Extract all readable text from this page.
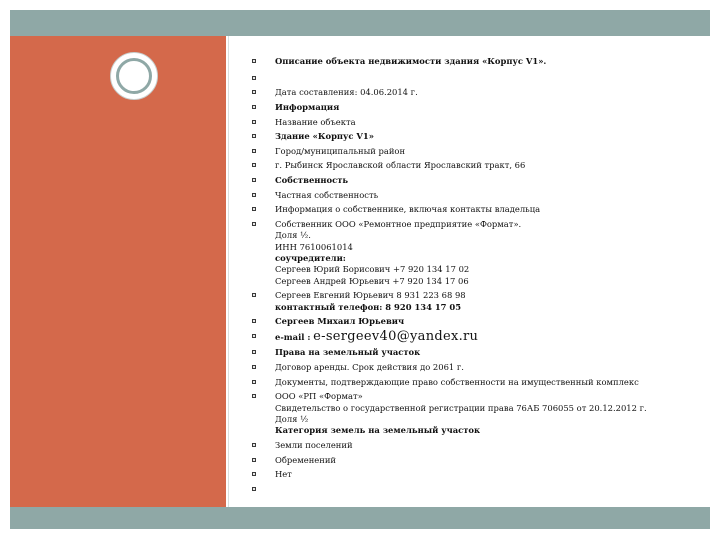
Описание объекта недвижимости здания «Корпус V1».
Дата составления: 04.06.2014 г.
Информация
Название объекта
Здание «Корпус V1»
Город/муниципальный район
г. Рыбинск Ярославской области Ярославский тракт, 66
Собственность
Частная собственность
Информация о собственнике, включая контакты владельца
Собственник ООО «Ремонтное предприятие «Формат».
Доля ½.
ИНН 7610061014
соучредители:
Сергеев Юрий Борисович +7 920 134 17 02
Сергеев Андрей Юрьевич +7 920 134 17 06
Сергеев Евгений Юрьевич 8 931 223 68 98
контактный телефон: 8 920 134 17 05
Сергеев Михаил Юрьевич
e-mail : e-sergeev40@yandex.ru
Права на земельный участок
Договор аренды. Срок действия до 2061 г.
Документы, подтверждающие право собственности на имущественный комплекс
ООО «РП «Формат»
Свидетельство о государственной регистрации права 76АБ 706055 от 20.12.2012 г.
Доля ½
Категория земель на земельный участок
Земли поселений
Обременений
Нет
